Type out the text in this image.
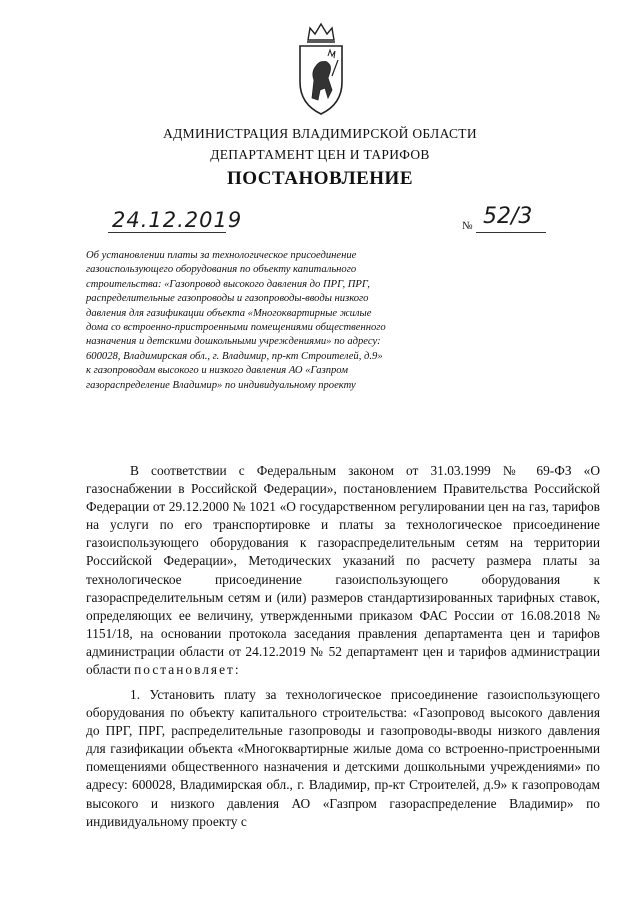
АДМИНИСТРАЦИЯ ВЛАДИМИРСКОЙ ОБЛАСТИ
ДЕПАРТАМЕНТ ЦЕН И ТАРИФОВ
ПОСТАНОВЛЕНИЕ
24.12.2019	№ 52/3

Об установлении платы за технологическое присоединение газоиспользующего оборудования по объекту капитального строительства: «Газопровод высокого давления до ПРГ, ПРГ, распределительные газопроводы и газопроводы-вводы низкого давления для газификации объекта «Многоквартирные жилые дома со встроенно-пристроенными помещениями общественного назначения и детскими дошкольными учреждениями» по адресу: 600028, Владимирская обл., г. Владимир, пр-кт Строителей, д.9» к газопроводам высокого и низкого давления АО «Газпром газораспределение Владимир» по индивидуальному проекту

В соответствии с Федеральным законом от 31.03.1999 № 69-ФЗ «О газоснабжении в Российской Федерации», постановлением Правительства Российской Федерации от 29.12.2000 № 1021 «О государственном регулировании цен на газ, тарифов на услуги по его транспортировке и платы за технологическое присоединение газоиспользующего оборудования к газораспределительным сетям на территории Российской Федерации», Методических указаний по расчету размера платы за технологическое присоединение газоиспользующего оборудования к газораспределительным сетям и (или) размеров стандартизированных тарифных ставок, определяющих ее величину, утвержденными приказом ФАС России от 16.08.2018 № 1151/18, на основании протокола заседания правления департамента цен и тарифов администрации области от 24.12.2019 № 52 департамент цен и тарифов администрации области постановляет:

1. Установить плату за технологическое присоединение газоиспользующего оборудования по объекту капитального строительства: «Газопровод высокого давления до ПРГ, ПРГ, распределительные газопроводы и газопроводы-вводы низкого давления для газификации объекта «Многоквартирные жилые дома со встроенно-пристроенными помещениями общественного назначения и детскими дошкольными учреждениями» по адресу: 600028, Владимирская обл., г. Владимир, пр-кт Строителей, д.9» к газопроводам высокого и низкого давления АО «Газпром газораспределение Владимир» по индивидуальному проекту с
